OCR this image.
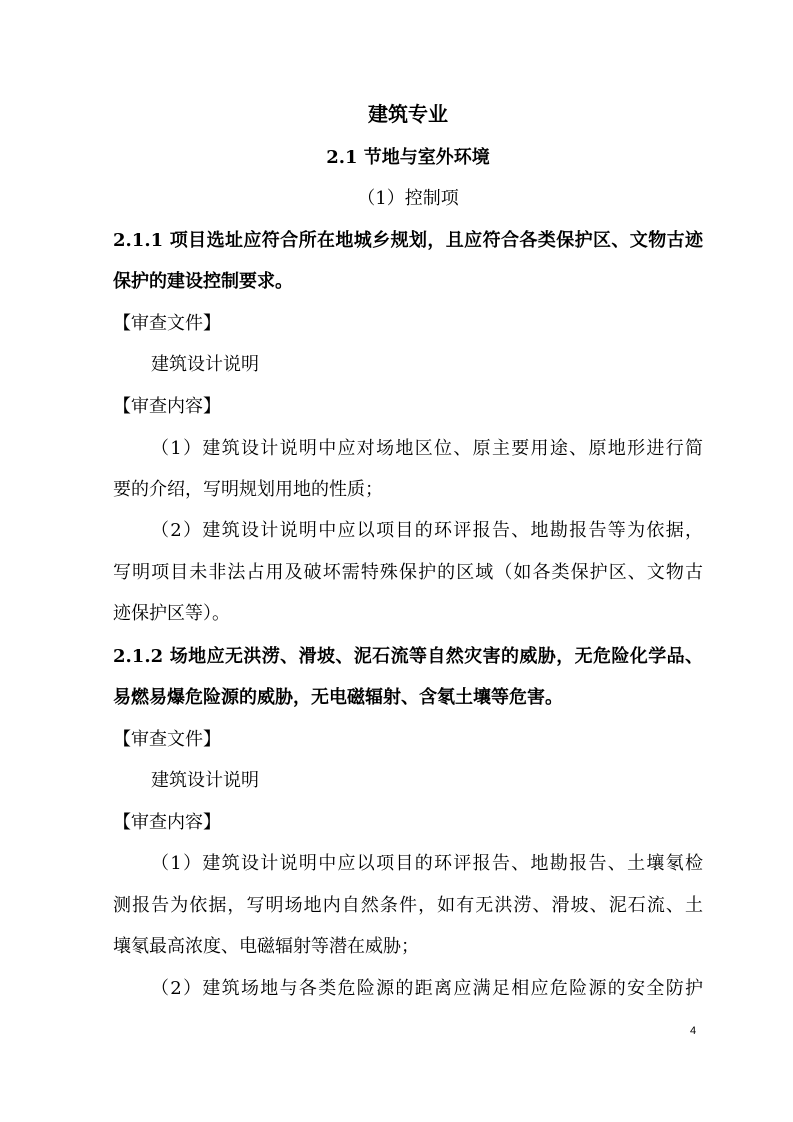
建筑专业
2.1 节地与室外环境
（1）控制项
2.1.1 项目选址应符合所在地城乡规划，且应符合各类保护区、文物古迹
保护的建设控制要求。
【审查文件】
建筑设计说明
【审查内容】
（1）建筑设计说明中应对场地区位、原主要用途、原地形进行简
要的介绍，写明规划用地的性质；
（2）建筑设计说明中应以项目的环评报告、地勘报告等为依据，
写明项目未非法占用及破坏需特殊保护的区域（如各类保护区、文物古
迹保护区等）。
2.1.2 场地应无洪涝、滑坡、泥石流等自然灾害的威胁，无危险化学品、
易燃易爆危险源的威胁，无电磁辐射、含氡土壤等危害。
【审查文件】
建筑设计说明
【审查内容】
（1）建筑设计说明中应以项目的环评报告、地勘报告、土壤氡检
测报告为依据，写明场地内自然条件，如有无洪涝、滑坡、泥石流、土
壤氡最高浓度、电磁辐射等潜在威胁；
（2）建筑场地与各类危险源的距离应满足相应危险源的安全防护
4
